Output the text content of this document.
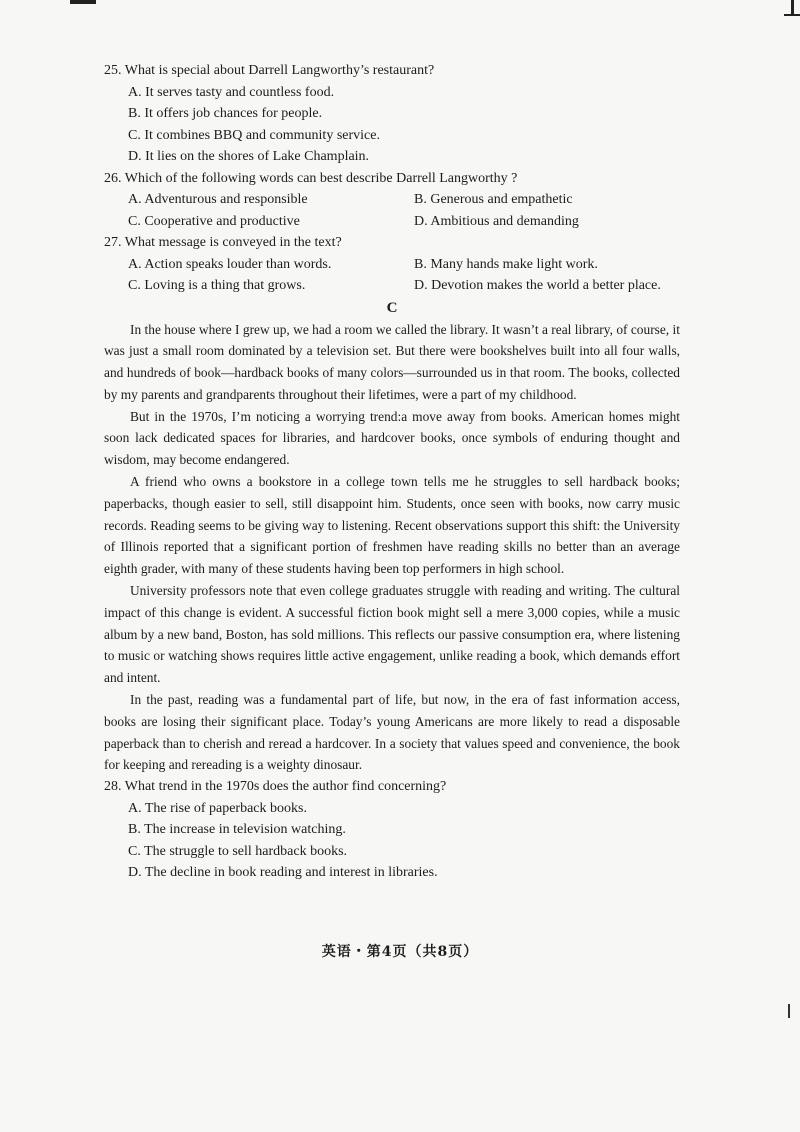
25. What is special about Darrell Langworthy’s restaurant?
A. It serves tasty and countless food.
B. It offers job chances for people.
C. It combines BBQ and community service.
D. It lies on the shores of Lake Champlain.
26. Which of the following words can best describe Darrell Langworthy ?
A. Adventurous and responsible	B. Generous and empathetic
C. Cooperative and productive	D. Ambitious and demanding
27. What message is conveyed in the text?
A. Action speaks louder than words.	B. Many hands make light work.
C. Loving is a thing that grows.	D. Devotion makes the world a better place.
C

In the house where I grew up, we had a room we called the library. It wasn’t a real library, of course, it was just a small room dominated by a television set. But there were bookshelves built into all four walls, and hundreds of book—hardback books of many colors—surrounded us in that room. The books, collected by my parents and grandparents throughout their lifetimes, were a part of my childhood.

But in the 1970s, I’m noticing a worrying trend:a move away from books. American homes might soon lack dedicated spaces for libraries, and hardcover books, once symbols of enduring thought and wisdom, may become endangered.

A friend who owns a bookstore in a college town tells me he struggles to sell hardback books; paperbacks, though easier to sell, still disappoint him. Students, once seen with books, now carry music records. Reading seems to be giving way to listening. Recent observations support this shift: the University of Illinois reported that a significant portion of freshmen have reading skills no better than an average eighth grader, with many of these students having been top performers in high school.

University professors note that even college graduates struggle with reading and writing. The cultural impact of this change is evident. A successful fiction book might sell a mere 3,000 copies, while a music album by a new band, Boston, has sold millions. This reflects our passive consumption era, where listening to music or watching shows requires little active engagement, unlike reading a book, which demands effort and intent.

In the past, reading was a fundamental part of life, but now, in the era of fast information access, books are losing their significant place. Today’s young Americans are more likely to read a disposable paperback than to cherish and reread a hardcover. In a society that values speed and convenience, the book for keeping and rereading is a weighty dinosaur.

28. What trend in the 1970s does the author find concerning?
A. The rise of paperback books.
B. The increase in television watching.
C. The struggle to sell hardback books.
D. The decline in book reading and interest in libraries.
英语・第4页（共8页）
